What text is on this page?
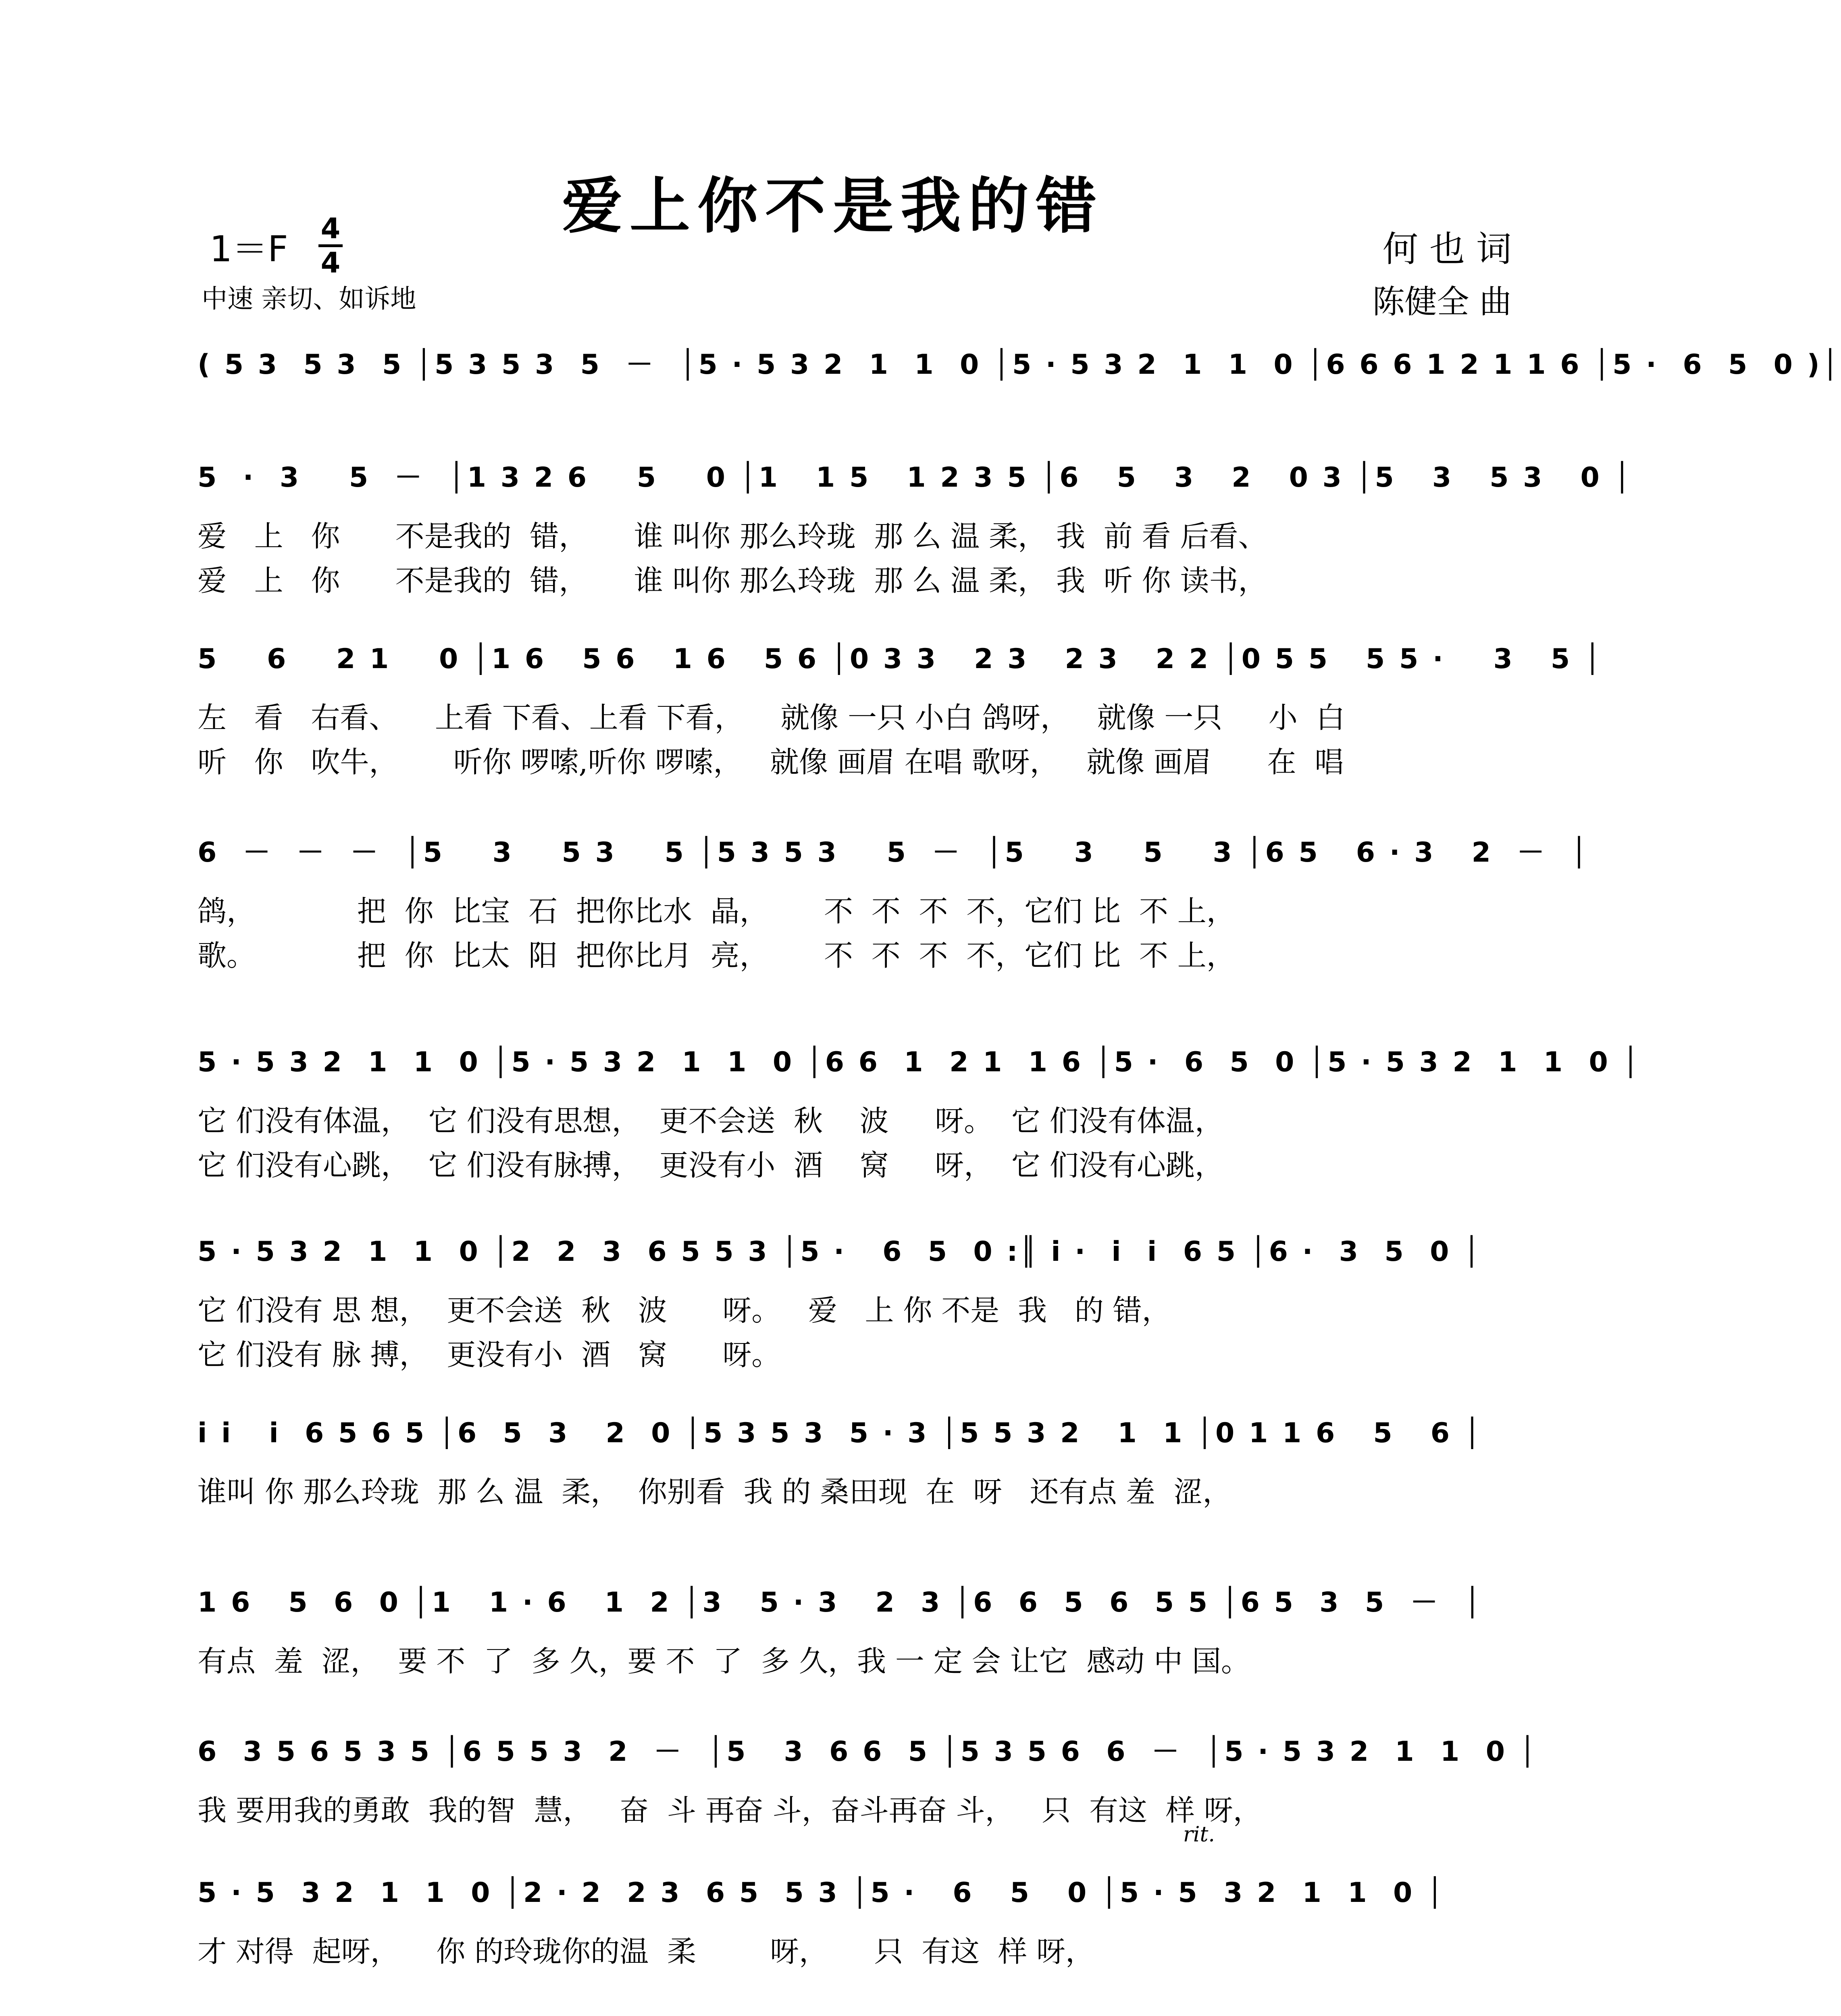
爱上你不是我的错
1＝F 4
4
中速 亲切、如诉地
何 也 词
陈健全 曲
( 5 3  5 3  5 │5 3 5 3  5  －  │5 · 5 3 2  1  1  0 │5 · 5 3 2  1  1  0 │6 6 6 1 2 1 1 6 │5 ·  6  5  0 )│
5  ·  3    5  －  │1 3 2 6    5    0 │1   1 5   1 2 3 5 │6   5   3   2   0 3 │5   3   5 3   0 │
爱   上   你      不是我的  错，     谁 叫你 那么玲珑  那 么 温 柔， 我  前 看 后看、
爱   上   你      不是我的  错，     谁 叫你 那么玲珑  那 么 温 柔， 我  听 你 读书，
5    6    2 1    0 │1 6   5 6   1 6   5 6 │0 3 3   2 3   2 3   2 2 │0 5 5   5 5 ·    3   5 │
左   看   右看、    上看 下看、上看 下看，    就像 一只 小白 鸽呀，   就像 一只     小  白
听   你   吹牛，      听你 啰嗦,听你 啰嗦，   就像 画眉 在唱 歌呀，   就像 画眉      在  唱
6  －  －  －  │5    3    5 3    5 │5 3 5 3    5  －  │5    3    5    3 │6 5   6 · 3   2  －  │
鸽，           把  你  比宝  石  把你比水  晶，      不  不  不  不，它们 比  不 上，
歌。           把  你  比太  阳  把你比月  亮，      不  不  不  不，它们 比  不 上，
5 · 5 3 2  1  1  0 │5 · 5 3 2  1  1  0 │6 6  1  2 1  1 6 │5 ·  6  5  0 │5 · 5 3 2  1  1  0 │
它 们没有体温，  它 们没有思想，  更不会送  秋    波     呀。  它 们没有体温，
它 们没有心跳，  它 们没有脉搏，  更没有小  酒    窝     呀，  它 们没有心跳，
5 · 5 3 2  1  1  0 │2  2  3  6 5 5 3 │5 ·   6  5  0 :║ i ·  i  i  6 5 │6 ·  3  5  0 │
它 们没有 思 想，  更不会送  秋   波      呀。   爱   上 你 不是  我   的 错，
它 们没有 脉 搏，  更没有小  酒   窝      呀。
i i   i  6 5 6 5 │6  5  3   2  0 │5 3 5 3  5 · 3 │5 5 3 2   1  1 │0 1 1 6   5   6 │
谁叫 你 那么玲珑  那 么 温  柔，  你别看  我 的 桑田现  在  呀   还有点 羞  涩，
1 6   5  6  0 │1   1 · 6   1  2 │3   5 · 3   2  3 │6  6  5  6  5 5 │6 5  3  5  －  │
有点  羞  涩，  要 不  了  多 久，要 不  了  多 久，我 一 定 会 让它  感动 中 国。
6  3 5 6 5 3 5 │6 5 5 3  2  －  │5   3  6 6  5 │5 3 5 6  6  －  │5 · 5 3 2  1  1  0 │
我 要用我的勇敢  我的智  慧，   奋  斗 再奋 斗，奋斗再奋 斗，   只  有这  样 呀，
5 · 5  3 2  1  1  0 │2 · 2  2 3  6 5  5 3 │5 ·   6   5   0 │5 · 5  3 2  1  1  0 │
才 对得  起呀，    你 的玲珑你的温  柔        呀，     只  有这  样 呀，
rit.
